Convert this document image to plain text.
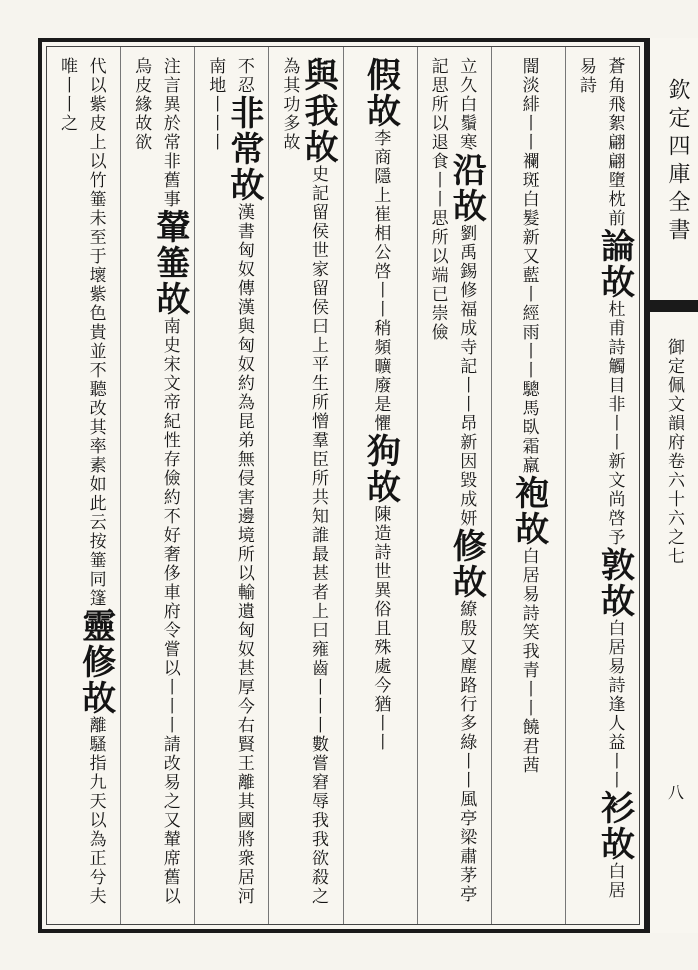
蒼角飛絮翩翩墮枕前論故杜甫詩觸目非丨丨新文尚啓予敦故白居易詩逢人益丨丨衫故白居易詩
闇淡緋丨丨襴斑白髮新又藍丨經雨丨丨驄馬臥霜羸袍故白居易詩笑我青丨丨饒君茜
立久白鬚寒沿故劉禹錫修福成寺記丨丨昂新因毀成妍修故繚殷又塵路行多綠丨丨風亭梁肅茅亭記思所以退食丨丨思所以端已崇儉
假故李商隱上崔相公啓丨丨稍頻曠廢是懼狗故陳造詩世異俗且殊處今猶丨丨
與我故史記留侯世家留侯曰上平生所憎羣臣所共知誰最甚者上曰雍齒丨丨丨數嘗窘辱我我欲殺之為其功多故
不忍非常故漢書匈奴傳漢與匈奴約為昆弟無侵害邊境所以輸遺匈奴甚厚今右賢王離其國將衆居河南地丨丨丨
注言異於常非舊事輦箠故南史宋文帝紀性存儉約不好奢侈車府令嘗以丨丨丨請改易之又輦席舊以烏皮緣故欲
代以紫皮上以竹箠未至于壞紫色貴並不聽改其率素如此云按箠同篷靈修故離騷指九天以為正兮夫唯丨丨之	欽定四庫全書
御定佩文韻府卷六十六之七
八
